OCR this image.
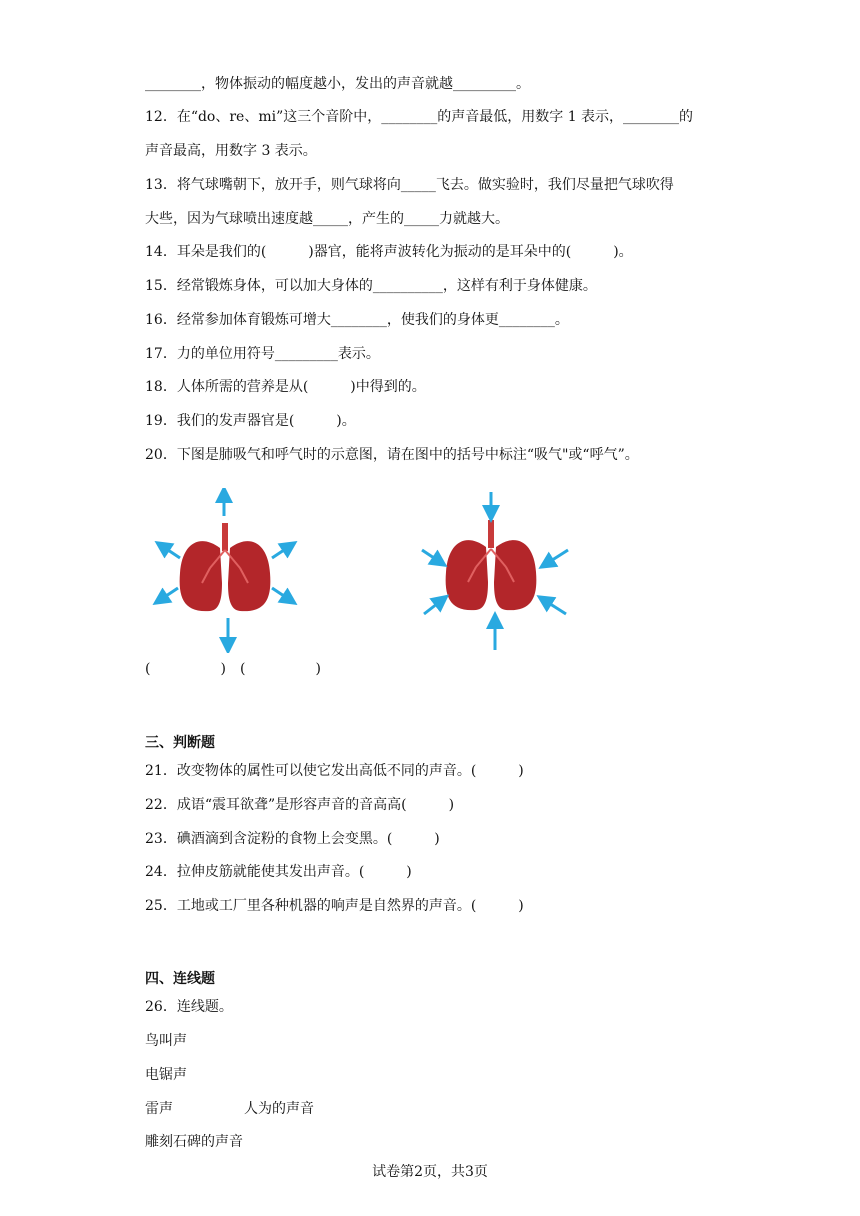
________，物体振动的幅度越小，发出的声音就越_________。
12．在“do、re、mi”这三个音阶中，________的声音最低，用数字 1 表示，________的
声音最高，用数字 3 表示。
13．将气球嘴朝下，放开手，则气球将向_____飞去。做实验时，我们尽量把气球吹得
大些，因为气球喷出速度越_____，产生的_____力就越大。
14．耳朵是我们的(　　　)器官，能将声波转化为振动的是耳朵中的(　　　)。
15．经常锻炼身体，可以加大身体的__________，这样有利于身体健康。
16．经常参加体育锻炼可增大________，使我们的身体更________。
17．力的单位用符号_________表示。
18．人体所需的营养是从(　　　)中得到的。
19．我们的发声器官是(　　　)。
20．下图是肺吸气和呼气时的示意图，请在图中的括号中标注“吸气"或“呼气”。
(　　　　　) (　　　　　)
三、判断题
21．改变物体的属性可以使它发出高低不同的声音。(　　　)
22．成语“震耳欲聋”是形容声音的音高高(　　　)
23．碘酒滴到含淀粉的食物上会变黑。(　　　)
24．拉伸皮筋就能使其发出声音。(　　　)
25．工地或工厂里各种机器的响声是自然界的声音。(　　　)
四、连线题
26．连线题。
鸟叫声
电锯声
雷声	人为的声音
雕刻石碑的声音
试卷第2页，共3页
